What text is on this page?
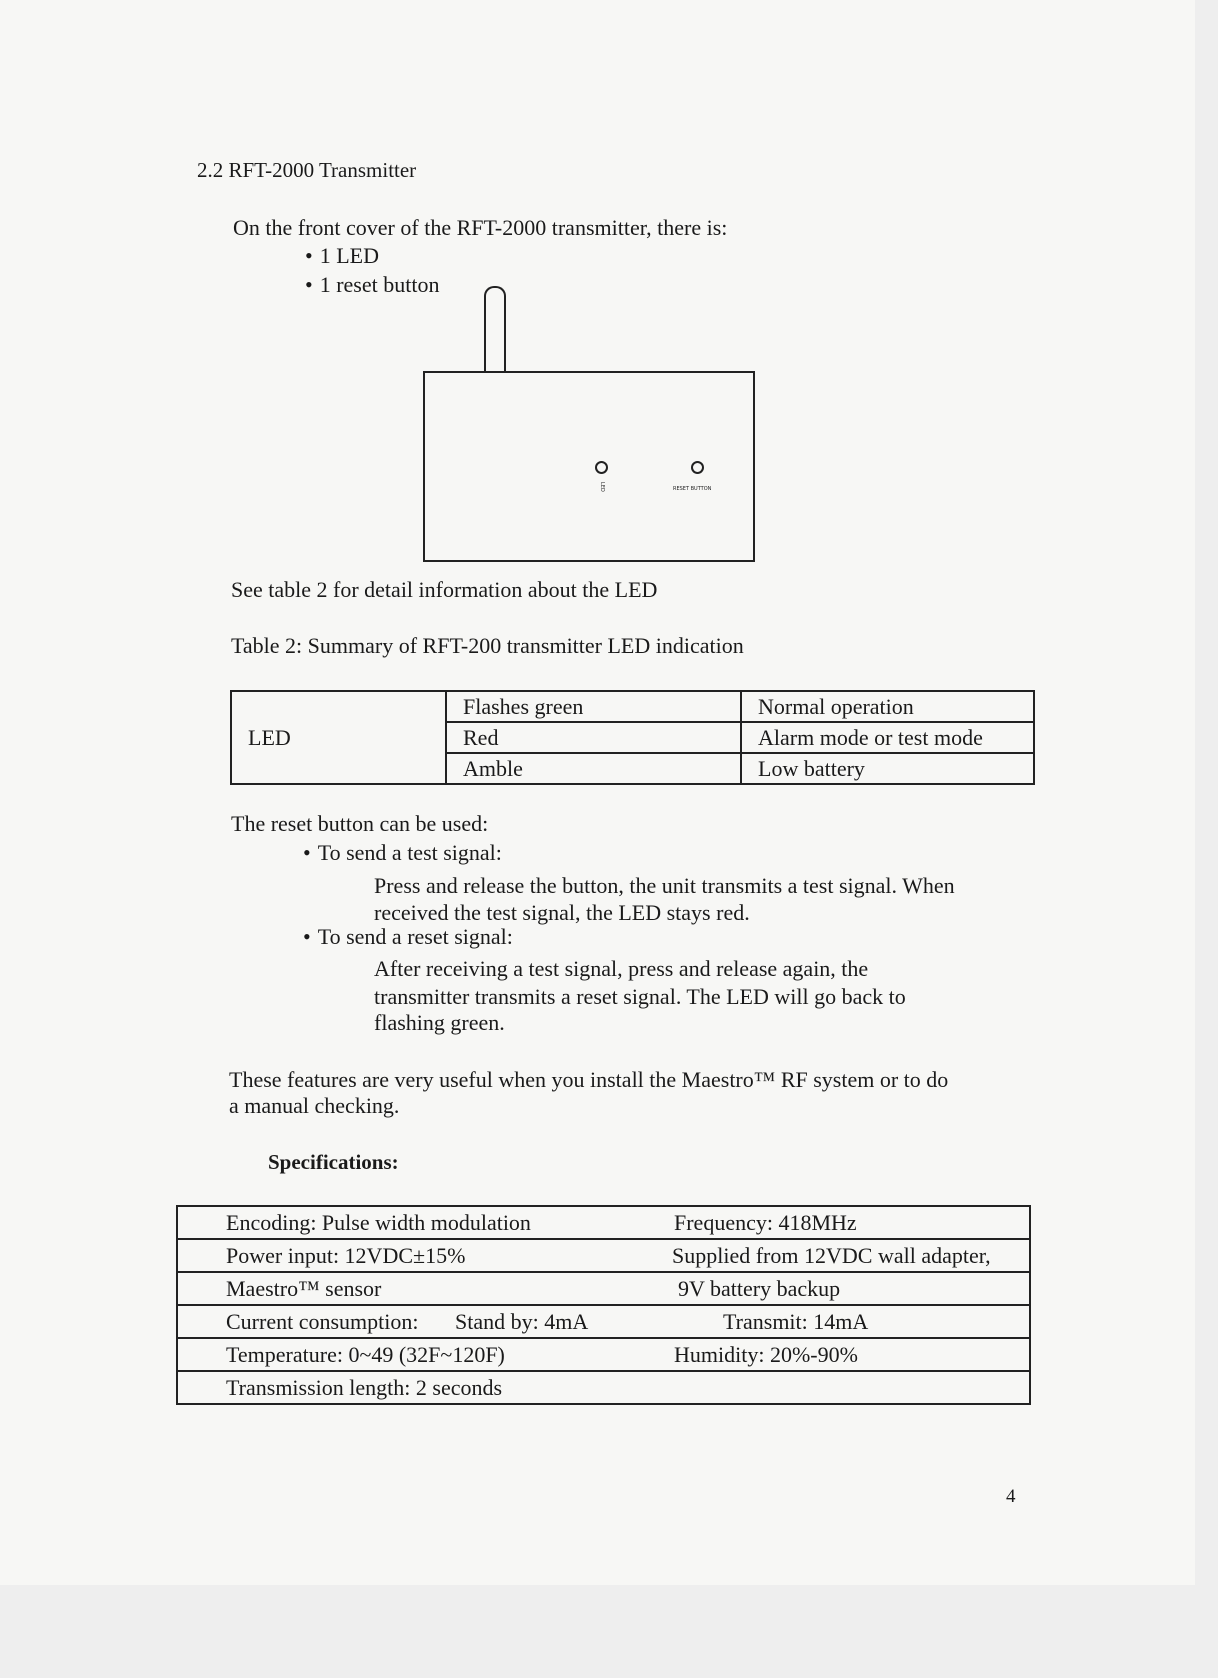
2.2 RFT-2000 Transmitter
On the front cover of the RFT-2000 transmitter, there is:
• 1 LED
• 1 reset button
LED	RESET BUTTON
See table 2 for detail information about the LED
Table 2: Summary of RFT-200 transmitter LED indication
LED	Flashes green	Normal operation
	Red	Alarm mode or test mode
	Amble	Low battery
The reset button can be used:
• To send a test signal:
Press and release the button, the unit transmits a test signal. When
received the test signal, the LED stays red.
• To send a reset signal:
After receiving a test signal, press and release again, the
transmitter transmits a reset signal. The LED will go back to
flashing green.
These features are very useful when you install the Maestro™ RF system or to do
a manual checking.
Specifications:
Encoding: Pulse width modulation		Frequency: 418MHz
Power input: 12VDC±15%		Supplied from 12VDC wall adapter,
Maestro™ sensor		9V battery backup
Current consumption:	Stand by: 4mA	Transmit: 14mA
Temperature: 0~49 (32F~120F)		Humidity: 20%-90%
Transmission length: 2 seconds		
4
